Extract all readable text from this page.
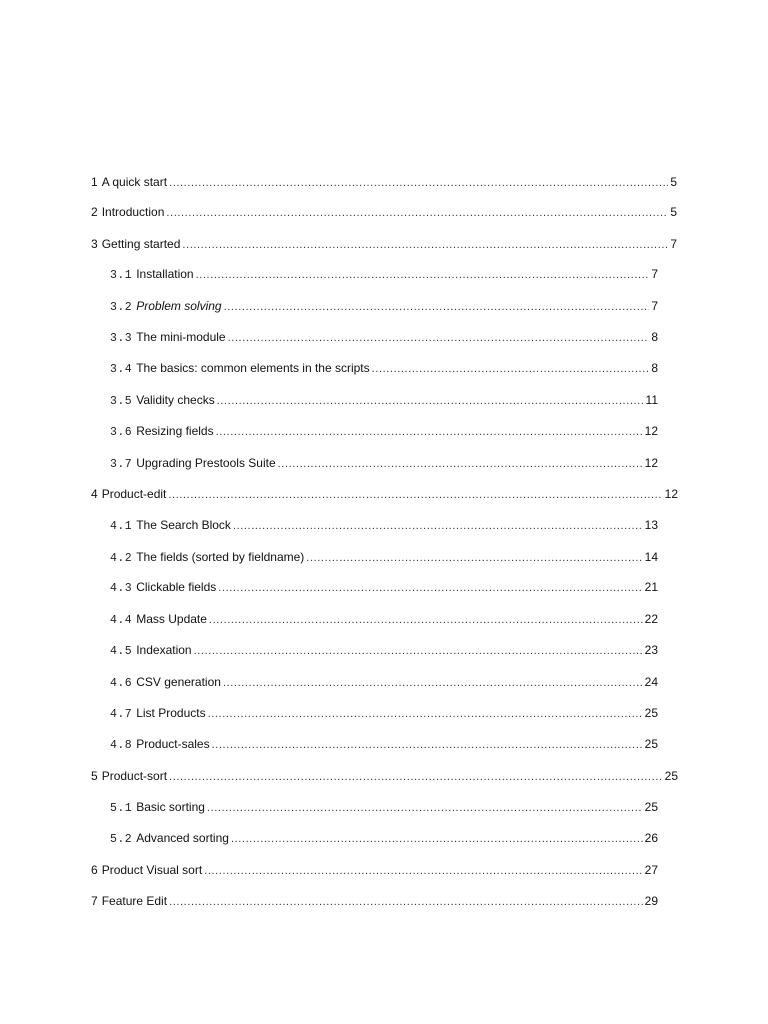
1 A quick start .....	5
2 Introduction .....	5
3 Getting started .....	7
3.1 Installation .....	7
3.2 Problem solving .....	7
3.3 The mini-module .....	8
3.4 The basics: common elements in the scripts .....	8
3.5 Validity checks .....	11
3.6 Resizing fields .....	12
3.7 Upgrading Prestools Suite .....	12
4 Product-edit .....	12
4.1 The Search Block .....	13
4.2 The fields (sorted by fieldname) .....	14
4.3 Clickable fields .....	21
4.4 Mass Update .....	22
4.5 Indexation .....	23
4.6 CSV generation .....	24
4.7 List Products .....	25
4.8 Product-sales .....	25
5 Product-sort .....	25
5.1 Basic sorting .....	25
5.2 Advanced sorting .....	26
6 Product Visual sort .....	27
7 Feature Edit .....	29
